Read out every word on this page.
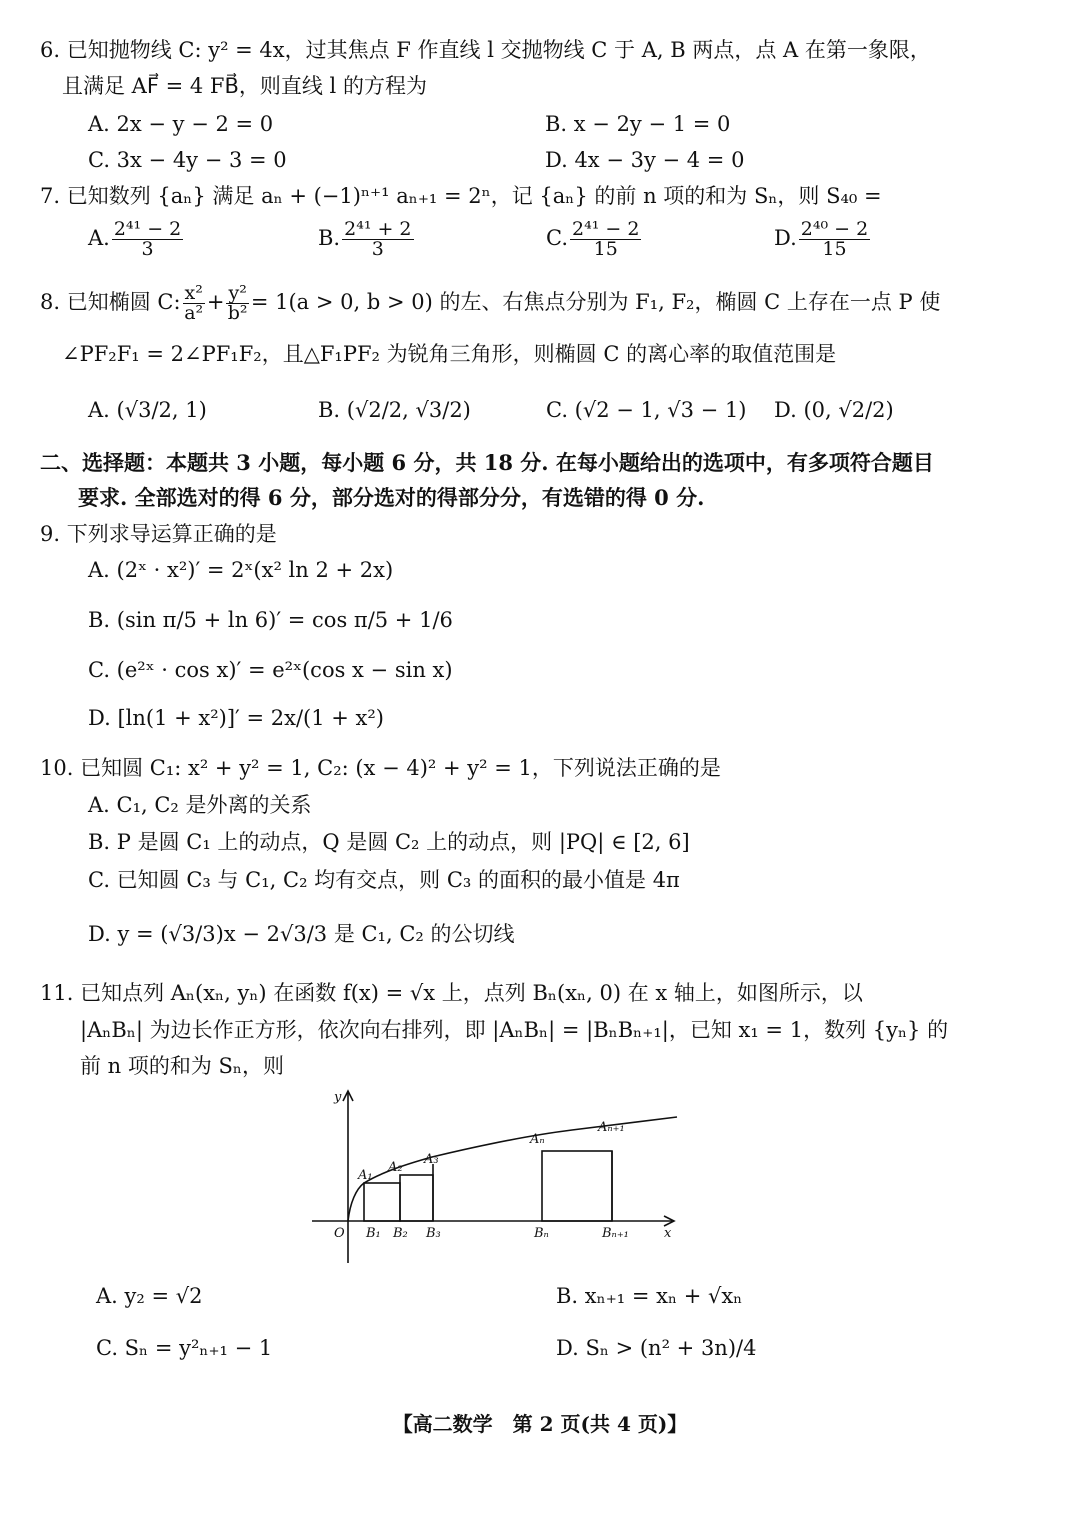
6. 已知抛物线 C: y² = 4x，过其焦点 F 作直线 l 交抛物线 C 于 A, B 两点，点 A 在第一象限，
且满足 AF⃗ = 4 FB⃗，则直线 l 的方程为
A. 2x − y − 2 = 0	B. x − 2y − 1 = 0
C. 3x − 4y − 3 = 0	D. 4x − 3y − 4 = 0
7. 已知数列 {aₙ} 满足 aₙ + (−1)ⁿ⁺¹ aₙ₊₁ = 2ⁿ，记 {aₙ} 的前 n 项的和为 Sₙ，则 S₄₀ =
A. $\frac{\text{2⁴¹ − 2}}{3}$	B. $\frac{\text{2⁴¹ + 2}}{3}$	C. $\frac{\text{2⁴¹ − 2}}{15}$	D. $\frac{\text{2⁴⁰ − 2}}{15}$
8. 已知椭圆 C: $\frac{\text{x²}}{\text{a²}} + \frac{\text{y²}}{\text{b²}} = 1(a > 0$, b > 0) 的左、右焦点分别为 F₁, F₂，椭圆 C 上存在一点 P 使
∠PF₂F₁ = 2∠PF₁F₂，且△F₁PF₂ 为锐角三角形，则椭圆 C 的离心率的取值范围是
A. (√3/2, 1)	B. (√2/2, √3/2)	C. (√2 − 1, √3 − 1) D. (0, √2/2)
二、选择题：本题共 3 小题，每小题 6 分，共 18 分. 在每小题给出的选项中，有多项符合题目
要求. 全部选对的得 6 分，部分选对的得部分分，有选错的得 0 分.
9. 下列求导运算正确的是
A. (2ˣ · x²)′ = 2ˣ(x² ln 2 + 2x)
B. (sin π/5 + ln 6)′ = cos π/5 + 1/6
C. (e²ˣ · cos x)′ = e²ˣ(cos x − sin x)
D. [ln(1 + x²)]′ = 2x/(1 + x²)
10. 已知圆 C₁: x² + y² = 1, C₂: (x − 4)² + y² = 1，下列说法正确的是
A. C₁, C₂ 是外离的关系
B. P 是圆 C₁ 上的动点，Q 是圆 C₂ 上的动点，则 |PQ| ∈ [2, 6]
C. 已知圆 C₃ 与 C₁, C₂ 均有交点，则 C₃ 的面积的最小值是 4π
D. y = (√3/3)x − 2√3/3 是 C₁, C₂ 的公切线
11. 已知点列 Aₙ(xₙ, yₙ) 在函数 f(x) = √x 上，点列 Bₙ(xₙ, 0) 在 x 轴上，如图所示，以
|AₙBₙ| 为边长作正方形，依次向右排列，即 |AₙBₙ| = |BₙBₙ₊₁|，已知 x₁ = 1，数列 {yₙ} 的
前 n 项的和为 Sₙ，则
y
x
O
A₁
A₂
A₃
Aₙ
Aₙ₊₁
B₁ B₂ B₃	Bₙ	Bₙ₊₁
A. y₂ = √2	B. xₙ₊₁ = xₙ + √xₙ
C. Sₙ = y²ₙ₊₁ − 1	D. Sₙ > (n² + 3n)/4
【高二数学　第 2 页(共 4 页)】
